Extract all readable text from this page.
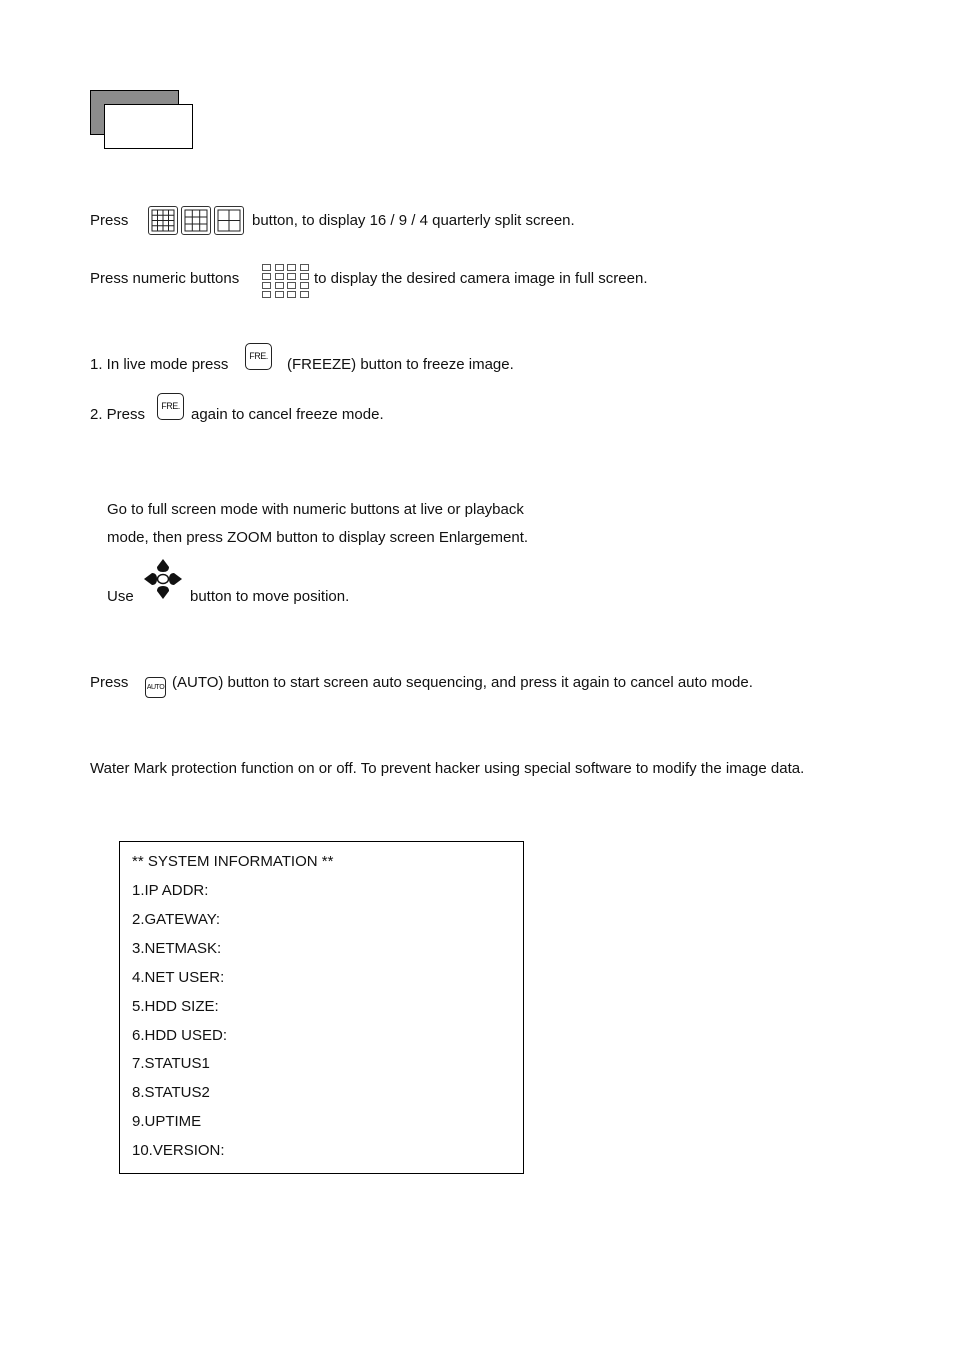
Press	button, to display 16 / 9 / 4 quarterly split screen.
Press numeric buttons	to display the desired camera image in full screen.
1. In live mode press	FRE. (FREEZE) button to freeze image.
2. Press	FRE. again to cancel freeze mode.
Go to full screen mode with numeric buttons at live or playback
mode, then press ZOOM button to display screen Enlargement.
Use	button to move position.
Press	AUTO (AUTO) button to start screen auto sequencing, and press it again to cancel auto mode.
Water Mark protection function on or off. To prevent hacker using special software to modify the image data.
** SYSTEM INFORMATION **
1.IP ADDR:
2.GATEWAY:
3.NETMASK:
4.NET USER:
5.HDD SIZE:
6.HDD USED:
7.STATUS1
8.STATUS2
9.UPTIME
10.VERSION:
